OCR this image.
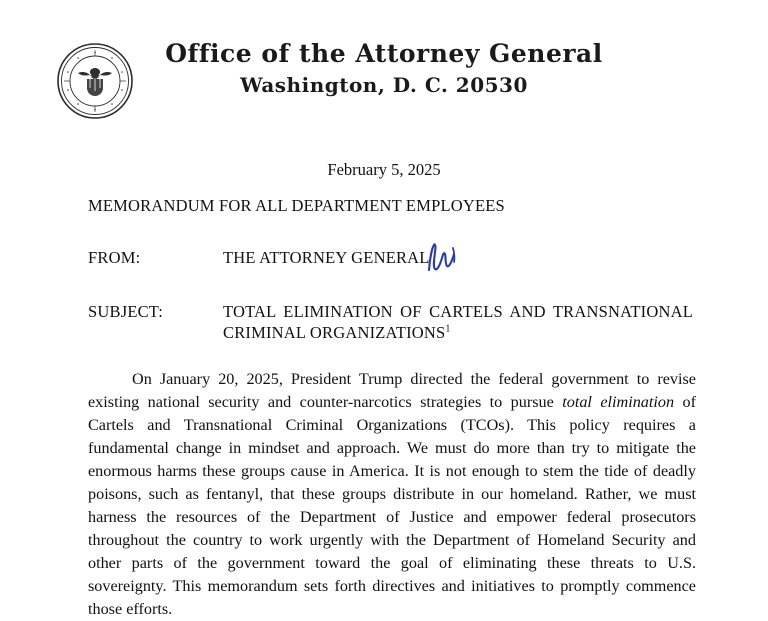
Office of the Attorney General
Washington, D. C. 20530
February 5, 2025
MEMORANDUM FOR ALL DEPARTMENT EMPLOYEES
FROM:	THE ATTORNEY GENERAL
SUBJECT:	TOTAL ELIMINATION OF CARTELS AND TRANSNATIONAL CRIMINAL ORGANIZATIONS$^1$

On January 20, 2025, President Trump directed the federal government to revise existing national security and counter-narcotics strategies to pursue total elimination of Cartels and Transnational Criminal Organizations (TCOs). This policy requires a fundamental change in mindset and approach. We must do more than try to mitigate the enormous harms these groups cause in America. It is not enough to stem the tide of deadly poisons, such as fentanyl, that these groups distribute in our homeland. Rather, we must harness the resources of the Department of Justice and empower federal prosecutors throughout the country to work urgently with the Department of Homeland Security and other parts of the government toward the goal of eliminating these threats to U.S. sovereignty. This memorandum sets forth directives and initiatives to promptly commence those efforts.
